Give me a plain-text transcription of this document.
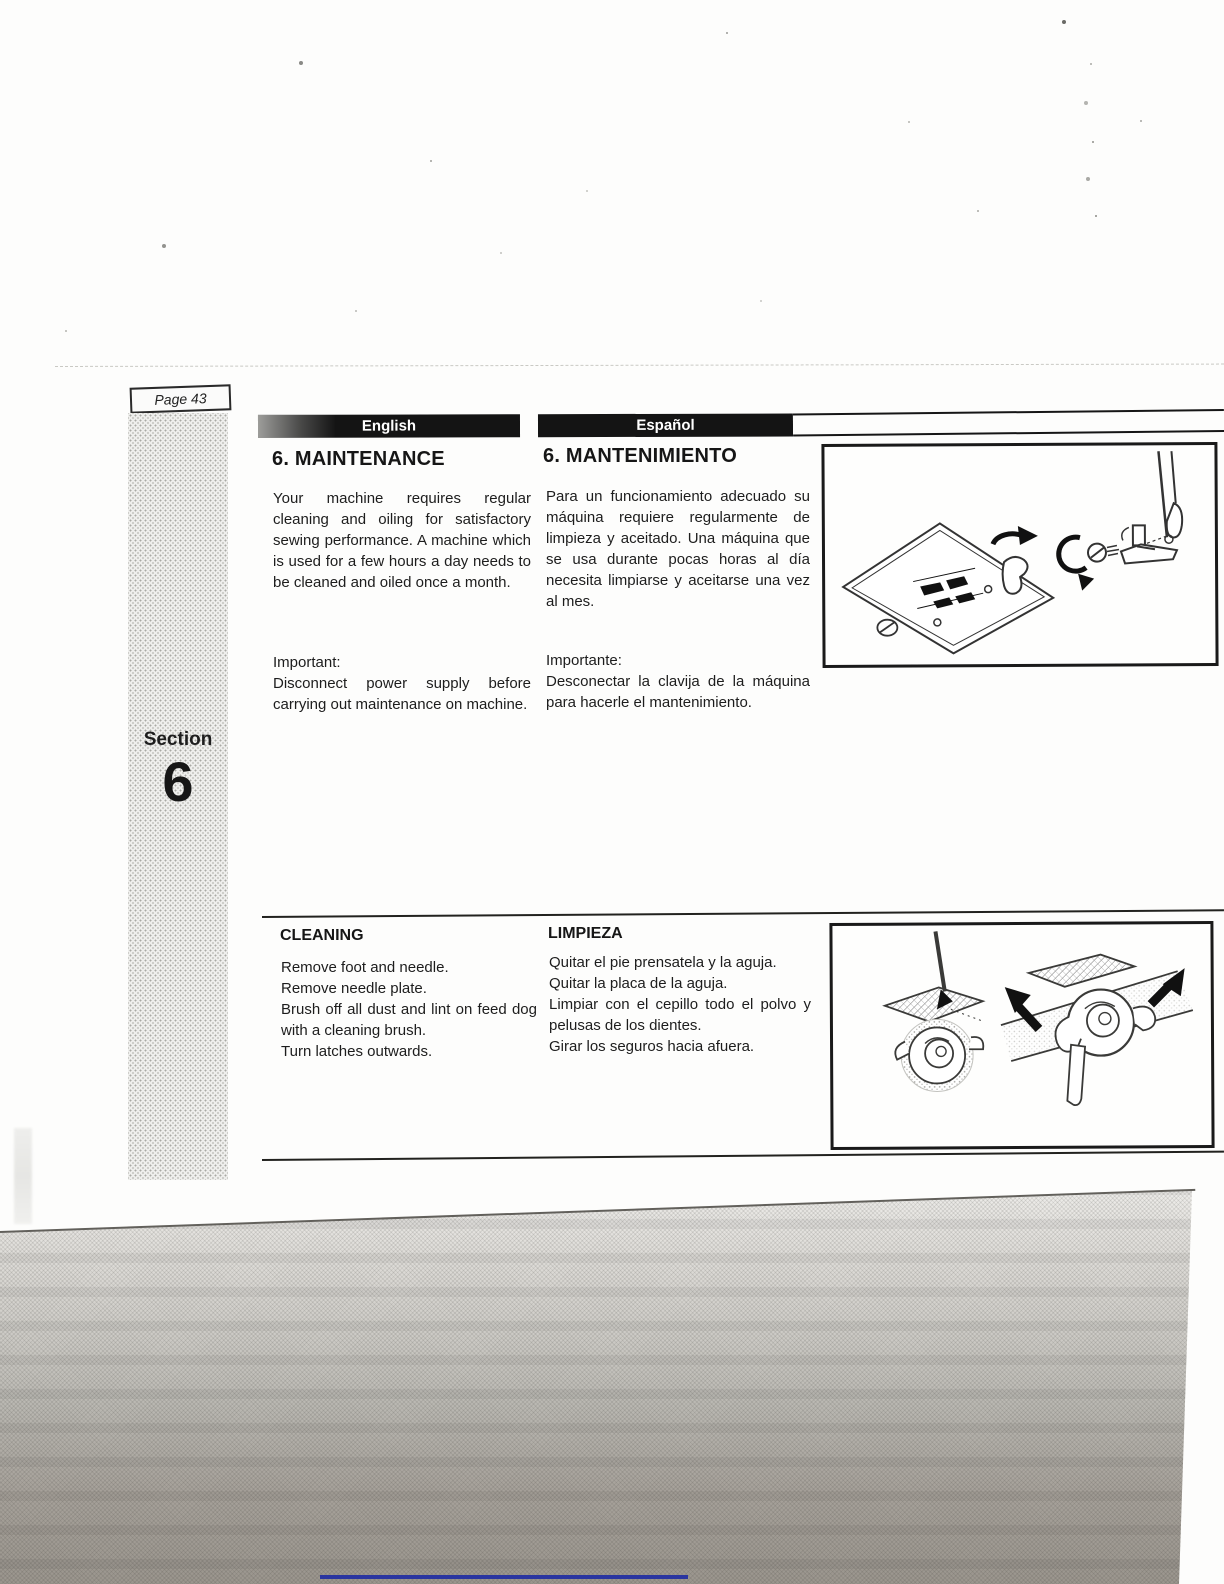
Page 43
Section
6
English	Español
6. MAINTENANCE	6. MANTENIMIENTO
Your machine requires regular cleaning and oiling for satisfactory sewing performance. A machine which is used for a few hours a day needs to be cleaned and oiled once a month.
Important:
Disconnect power supply before carrying out maintenance on machine.
Para un funcionamiento adecuado su máquina requiere regularmente de limpieza y aceitado. Una máquina que se usa durante pocas horas al día necesita limpiarse y aceitarse una vez al mes.
Importante:
Desconectar la clavija de la máquina para hacerle el mantenimiento.
CLEANING	LIMPIEZA
Remove foot and needle.
Remove needle plate.
Brush off all dust and lint on feed dog with a cleaning brush.
Turn latches outwards.
Quitar el pie prensatela y la aguja.
Quitar la placa de la aguja.
Limpiar con el cepillo todo el polvo y pelusas de los dientes.
Girar los seguros hacia afuera.
